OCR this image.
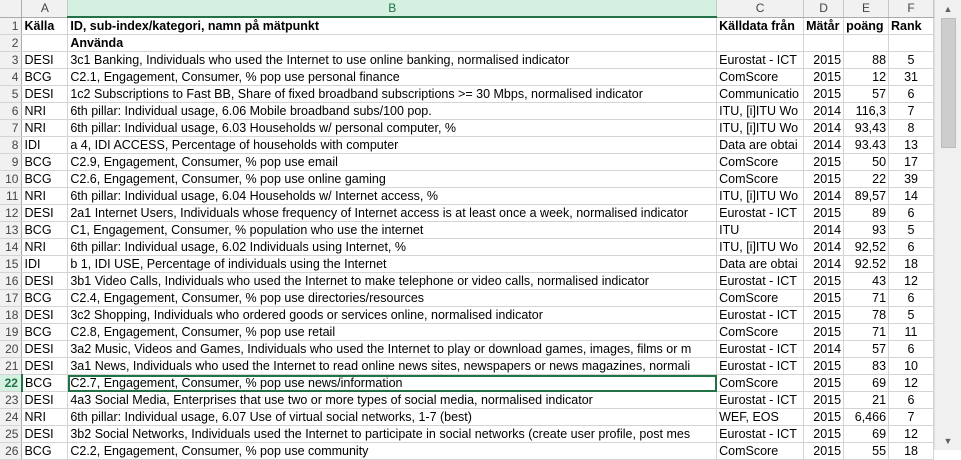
	A	B	C	D	E	F
1	Källa	ID, sub-index/kategori, namn på mätpunkt	Källdata från	Mätår	poäng	Rank
2		Använda				
3	DESI	3c1 Banking, Individuals who used the Internet to use online banking, normalised indicator	Eurostat - ICT	2015	88	5
4	BCG	C2.1, Engagement, Consumer, % pop use personal finance	ComScore	2015	12	31
5	DESI	1c2 Subscriptions to Fast BB, Share of fixed broadband subscriptions >= 30 Mbps, normalised indicator	Communicatio	2015	57	6
6	NRI	6th pillar: Individual usage, 6.06 Mobile broadband subs/100 pop.	ITU, [i]ITU Wo	2014	116,3	7
7	NRI	6th pillar: Individual usage, 6.03 Households w/ personal computer, %	ITU, [i]ITU Wo	2014	93,43	8
8	IDI	a 4, IDI ACCESS, Percentage of households with computer	Data are obtai	2014	93.43	13
9	BCG	C2.9, Engagement, Consumer, % pop use email	ComScore	2015	50	17
10	BCG	C2.6, Engagement, Consumer, % pop use online gaming	ComScore	2015	22	39
11	NRI	6th pillar: Individual usage, 6.04 Households w/ Internet access, %	ITU, [i]ITU Wo	2014	89,57	14
12	DESI	2a1 Internet Users, Individuals whose frequency of Internet access is at least once a week, normalised indicator	Eurostat - ICT	2015	89	6
13	BCG	C1, Engagement, Consumer, % population who use the internet	ITU	2014	93	5
14	NRI	6th pillar: Individual usage, 6.02 Individuals using Internet, %	ITU, [i]ITU Wo	2014	92,52	6
15	IDI	b 1, IDI USE, Percentage of individuals using the Internet	Data are obtai	2014	92.52	18
16	DESI	3b1 Video Calls, Individuals who used the Internet to make telephone or video calls, normalised indicator	Eurostat - ICT	2015	43	12
17	BCG	C2.4, Engagement, Consumer, % pop use directories/resources	ComScore	2015	71	6
18	DESI	3c2 Shopping, Individuals who ordered goods or services online, normalised indicator	Eurostat - ICT	2015	78	5
19	BCG	C2.8, Engagement, Consumer, % pop use retail	ComScore	2015	71	11
20	DESI	3a2 Music, Videos and Games, Individuals who used the Internet to play or download games, images, films or m	Eurostat - ICT	2014	57	6
21	DESI	3a1 News, Individuals who used the Internet to read online news sites, newspapers or news magazines, normali	Eurostat - ICT	2015	83	10
22	BCG	C2.7, Engagement, Consumer, % pop use news/information	ComScore	2015	69	12
23	DESI	4a3 Social Media, Enterprises that use two or more types of social media, normalised indicator	Eurostat - ICT	2015	21	6
24	NRI	6th pillar: Individual usage, 6.07 Use of virtual social networks, 1-7 (best)	WEF, EOS	2015	6,466	7
25	DESI	3b2 Social Networks, Individuals used the Internet to participate in social networks (create user profile, post mes	Eurostat - ICT	2015	69	12
26	BCG	C2.2, Engagement, Consumer, % pop use community	ComScore	2015	55	18
▲
▼
